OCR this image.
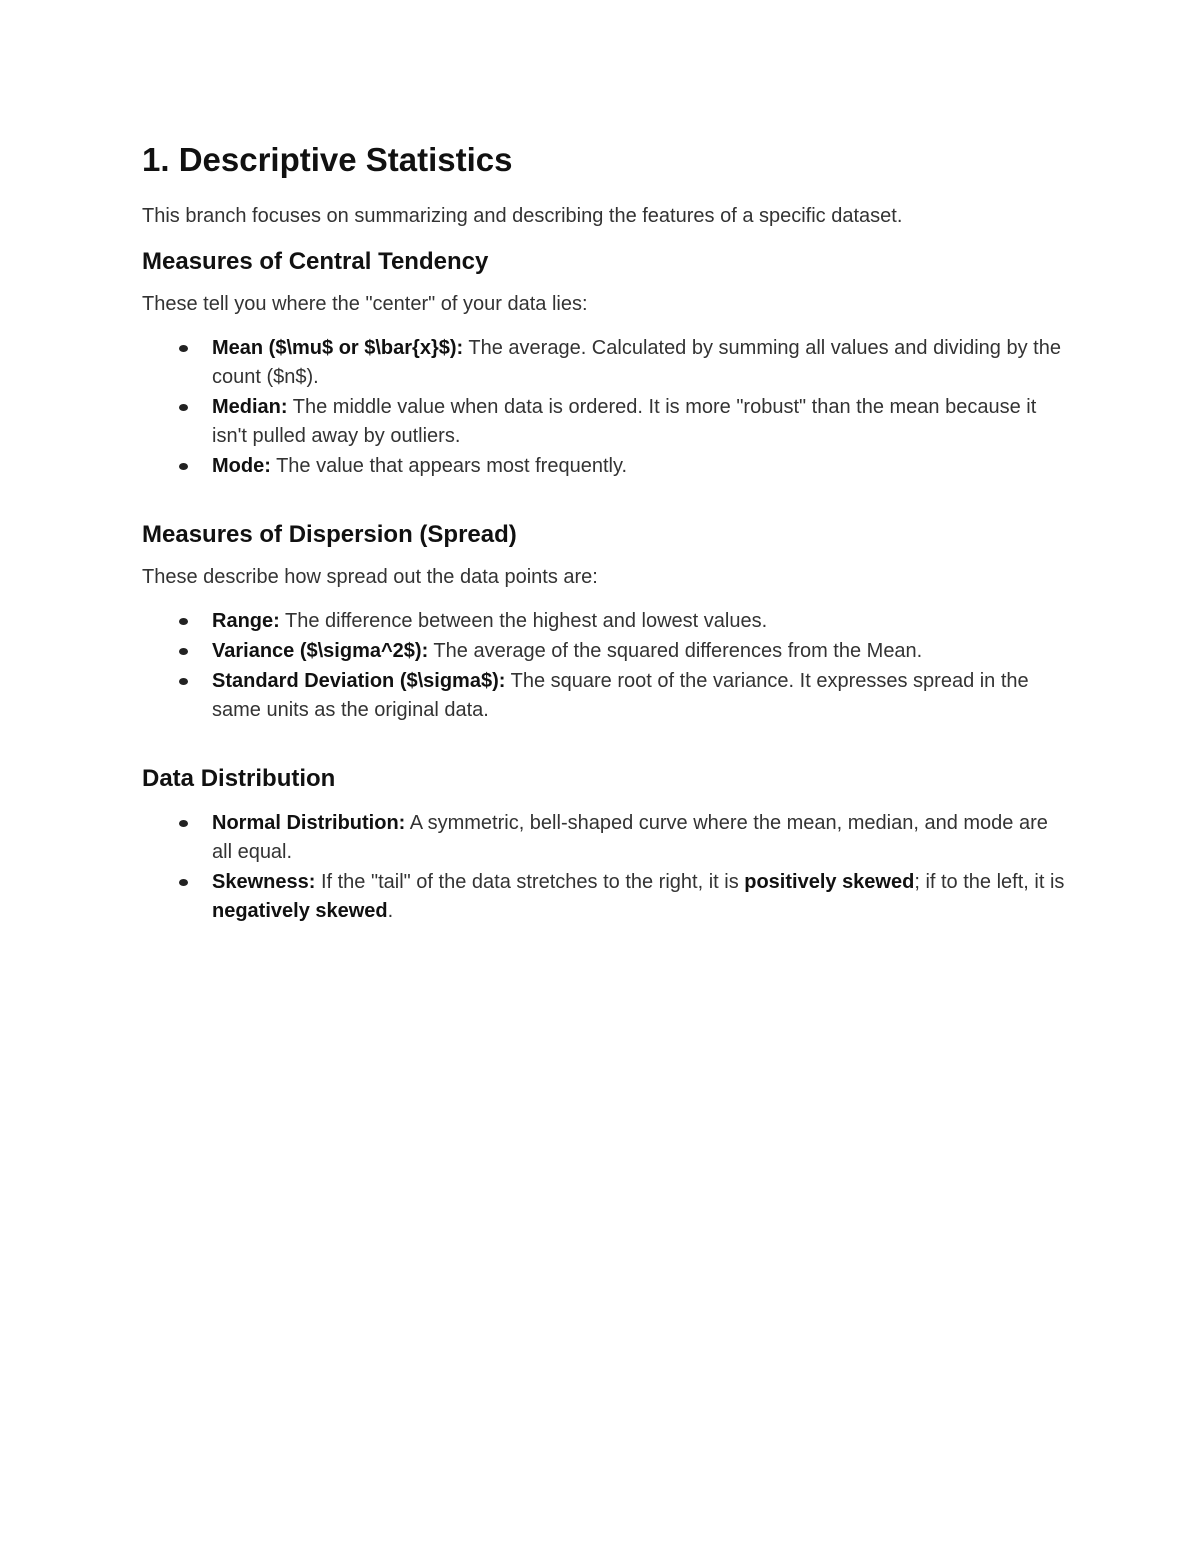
1. Descriptive Statistics

This branch focuses on summarizing and describing the features of a specific dataset.

Measures of Central Tendency

These tell you where the "center" of your data lies:

Mean ($\mu$ or $\bar{x}$): The average. Calculated by summing all values and dividing by the count ($n$).
Median: The middle value when data is ordered. It is more "robust" than the mean because it isn't pulled away by outliers.
Mode: The value that appears most frequently.
Measures of Dispersion (Spread)

These describe how spread out the data points are:

Range: The difference between the highest and lowest values.
Variance ($\sigma^2$): The average of the squared differences from the Mean.
Standard Deviation ($\sigma$): The square root of the variance. It expresses spread in the same units as the original data.
Data Distribution
Normal Distribution: A symmetric, bell-shaped curve where the mean, median, and mode are all equal.
Skewness: If the "tail" of the data stretches to the right, it is positively skewed; if to the left, it is negatively skewed.
